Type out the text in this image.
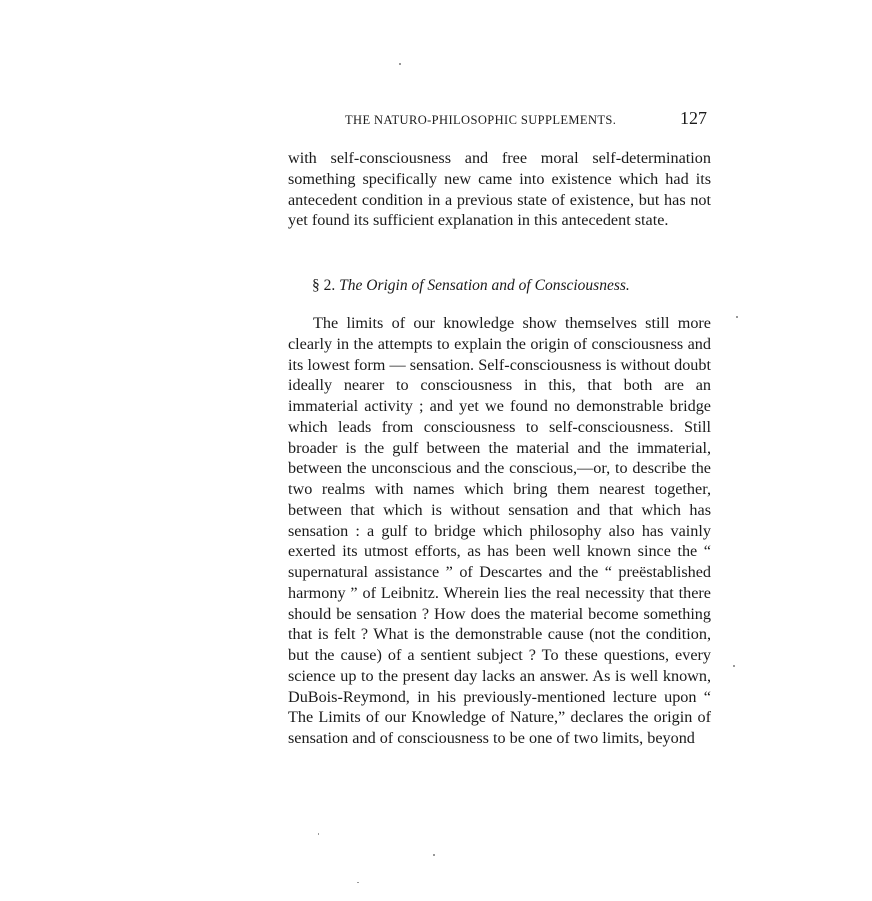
THE NATURO-PHILOSOPHIC SUPPLEMENTS.	127

with self-consciousness and free moral self-determination something specifically new came into existence which had its antecedent condition in a previous state of existence, but has not yet found its sufficient explanation in this antecedent state.

§ 2. The Origin of Sensation and of Consciousness.

The limits of our knowledge show themselves still more clearly in the attempts to explain the origin of consciousness and its lowest form — sensation. Self-consciousness is without doubt ideally nearer to consciousness in this, that both are an immaterial activity ; and yet we found no demonstrable bridge which leads from consciousness to self-consciousness. Still broader is the gulf between the material and the immaterial, between the unconscious and the conscious,—or, to describe the two realms with names which bring them nearest together, between that which is without sensation and that which has sensation : a gulf to bridge which philosophy also has vainly exerted its utmost efforts, as has been well known since the “ supernatural assistance ” of Descartes and the “ preëstablished harmony ” of Leibnitz. Wherein lies the real necessity that there should be sensation ? How does the material become something that is felt ? What is the demonstrable cause (not the condition, but the cause) of a sentient subject ? To these questions, every science up to the present day lacks an answer. As is well known, DuBois-Reymond, in his previously-mentioned lecture upon “ The Limits of our Knowledge of Nature,” declares the origin of sensation and of consciousness to be one of two limits, beyond
